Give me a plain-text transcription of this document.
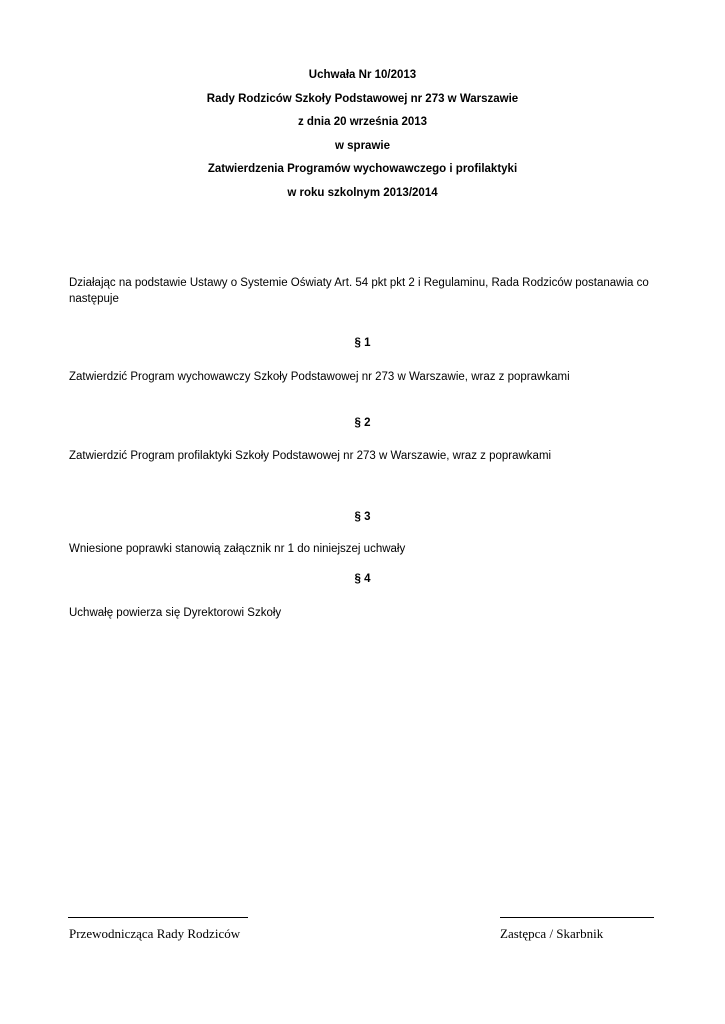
Uchwała Nr 10/2013
Rady Rodziców Szkoły Podstawowej nr 273 w Warszawie
z dnia 20 września 2013
w sprawie
Zatwierdzenia Programów wychowawczego i profilaktyki
w roku szkolnym 2013/2014
Działając na podstawie Ustawy o Systemie Oświaty Art. 54 pkt pkt 2 i Regulaminu, Rada Rodziców postanawia co następuje
§ 1
Zatwierdzić Program wychowawczy Szkoły Podstawowej nr 273 w Warszawie, wraz z poprawkami
§ 2
Zatwierdzić Program profilaktyki Szkoły Podstawowej nr 273 w Warszawie, wraz z poprawkami
§ 3
Wniesione poprawki stanowią załącznik nr 1 do niniejszej uchwały
§ 4
Uchwałę powierza się Dyrektorowi Szkoły
Przewodnicząca Rady Rodziców	Zastępca / Skarbnik
